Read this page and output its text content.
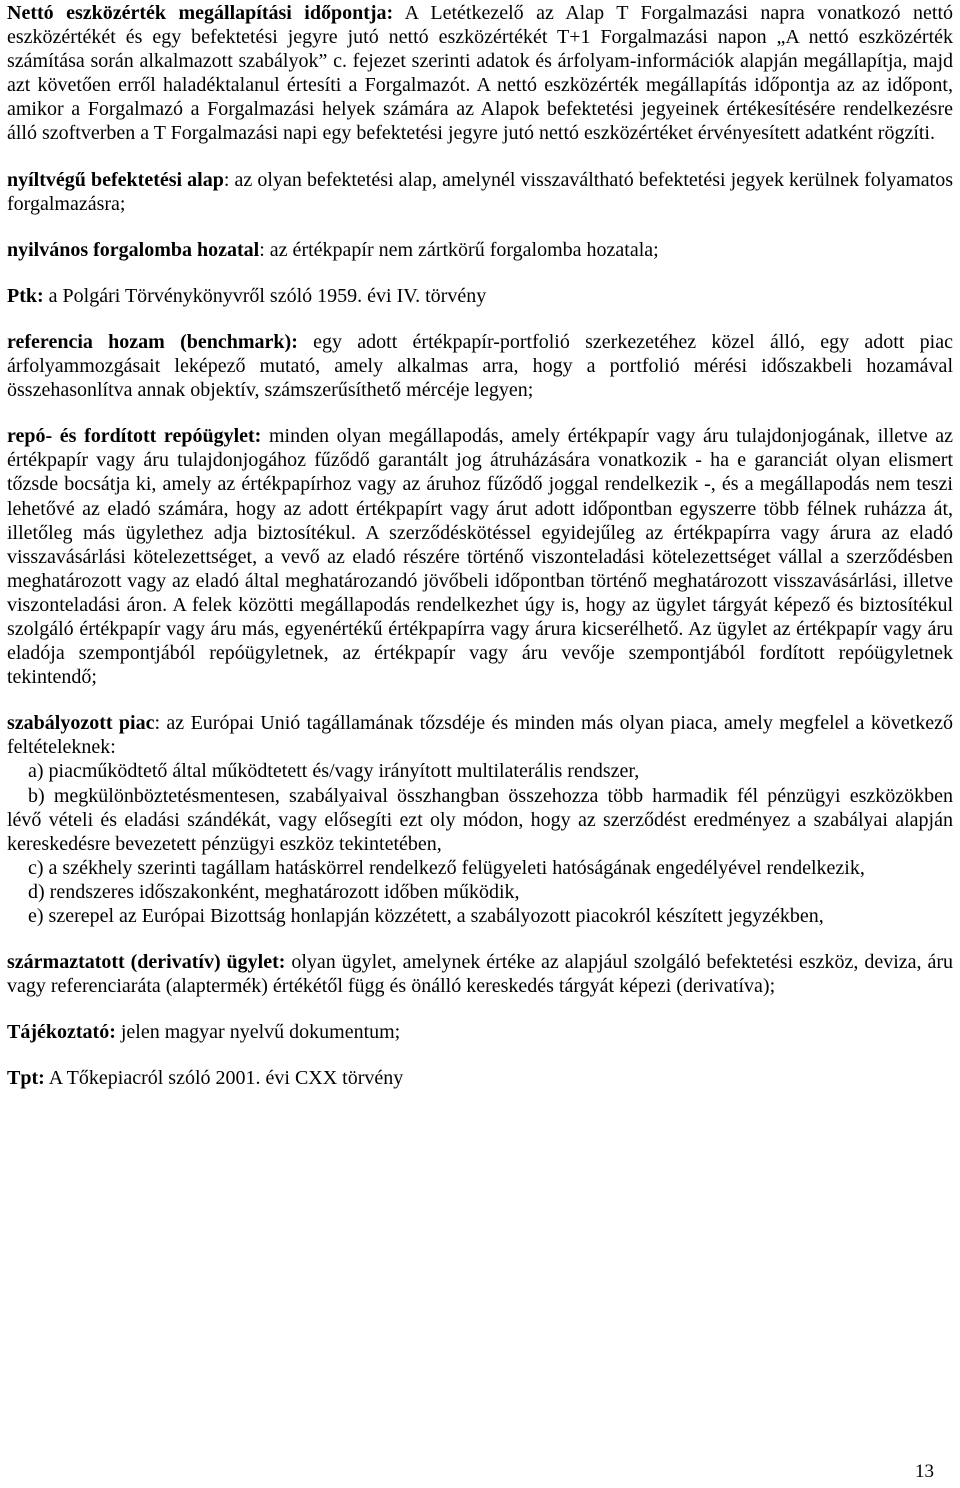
Nettó eszközérték megállapítási időpontja: A Letétkezelő az Alap T Forgalmazási napra vonatkozó nettó eszközértékét és egy befektetési jegyre jutó nettó eszközértékét T+1 Forgalmazási napon „A nettó eszközérték számítása során alkalmazott szabályok” c. fejezet szerinti adatok és árfolyam-információk alapján megállapítja, majd azt követően erről haladéktalanul értesíti a Forgalmazót. A nettó eszközérték megállapítás időpontja az az időpont, amikor a Forgalmazó a Forgalmazási helyek számára az Alapok befektetési jegyeinek értékesítésére rendelkezésre álló szoftverben a T Forgalmazási napi egy befektetési jegyre jutó nettó eszközértéket érvényesített adatként rögzíti.

nyíltvégű befektetési alap: az olyan befektetési alap, amelynél visszaváltható befektetési jegyek kerülnek folyamatos forgalmazásra;

nyilvános forgalomba hozatal: az értékpapír nem zártkörű forgalomba hozatala;

Ptk: a Polgári Törvénykönyvről szóló 1959. évi IV. törvény

referencia hozam (benchmark): egy adott értékpapír-portfolió szerkezetéhez közel álló, egy adott piac árfolyammozgásait leképező mutató, amely alkalmas arra, hogy a portfolió mérési időszakbeli hozamával összehasonlítva annak objektív, számszerűsíthető mércéje legyen;

repó- és fordított repóügylet: minden olyan megállapodás, amely értékpapír vagy áru tulajdonjogának, illetve az értékpapír vagy áru tulajdonjogához fűződő garantált jog átruházására vonatkozik - ha e garanciát olyan elismert tőzsde bocsátja ki, amely az értékpapírhoz vagy az áruhoz fűződő joggal rendelkezik -, és a megállapodás nem teszi lehetővé az eladó számára, hogy az adott értékpapírt vagy árut adott időpontban egyszerre több félnek ruházza át, illetőleg más ügylethez adja biztosítékul. A szerződéskötéssel egyidejűleg az értékpapírra vagy árura az eladó visszavásárlási kötelezettséget, a vevő az eladó részére történő viszonteladási kötelezettséget vállal a szerződésben meghatározott vagy az eladó által meghatározandó jövőbeli időpontban történő meghatározott visszavásárlási, illetve viszonteladási áron. A felek közötti megállapodás rendelkezhet úgy is, hogy az ügylet tárgyát képező és biztosítékul szolgáló értékpapír vagy áru más, egyenértékű értékpapírra vagy árura kicserélhető. Az ügylet az értékpapír vagy áru eladója szempontjából repóügyletnek, az értékpapír vagy áru vevője szempontjából fordított repóügyletnek tekintendő;

szabályozott piac: az Európai Unió tagállamának tőzsdéje és minden más olyan piaca, amely megfelel a következő feltételeknek:

a) piacműködtető által működtetett és/vagy irányított multilaterális rendszer,
b) megkülönböztetésmentesen, szabályaival összhangban összehozza több harmadik fél pénzügyi eszközökben lévő vételi és eladási szándékát, vagy elősegíti ezt oly módon, hogy az szerződést eredményez a szabályai alapján kereskedésre bevezetett pénzügyi eszköz tekintetében,
c) a székhely szerinti tagállam hatáskörrel rendelkező felügyeleti hatóságának engedélyével rendelkezik,
d) rendszeres időszakonként, meghatározott időben működik,
e) szerepel az Európai Bizottság honlapján közzétett, a szabályozott piacokról készített jegyzékben,

származtatott (derivatív) ügylet: olyan ügylet, amelynek értéke az alapjául szolgáló befektetési eszköz, deviza, áru vagy referenciaráta (alaptermék) értékétől függ és önálló kereskedés tárgyát képezi (derivatíva);

Tájékoztató: jelen magyar nyelvű dokumentum;

Tpt: A Tőkepiacról szóló 2001. évi CXX törvény

13
